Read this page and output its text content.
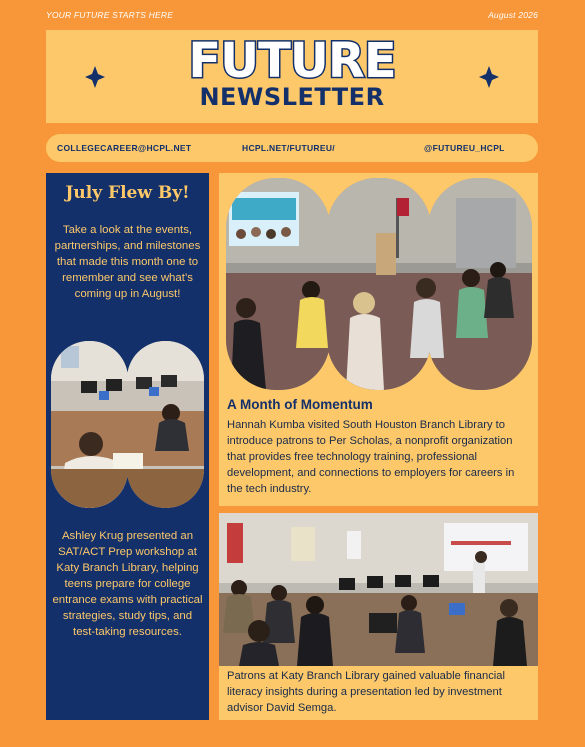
YOUR FUTURE STARTS HERE	August 2026
FUTURE
NEWSLETTER
COLLEGECAREER@HCPL.NET	HCPL.NET/FUTUREU/	@FUTUREU_HCPL
July Flew By!
Take a look at the events, partnerships, and milestones that made this month one to remember and see what’s coming up in August!
Ashley Krug presented an SAT/ACT Prep workshop at Katy Branch Library, helping teens prepare for college entrance exams with practical strategies, study tips, and test-taking resources.
A Month of Momentum
Hannah Kumba visited South Houston Branch Library to introduce patrons to Per Scholas, a nonprofit organization that provides free technology training, professional development, and connections to employers for careers in the tech industry.
Patrons at Katy Branch Library gained valuable financial literacy insights during a presentation led by investment advisor David Semga.
